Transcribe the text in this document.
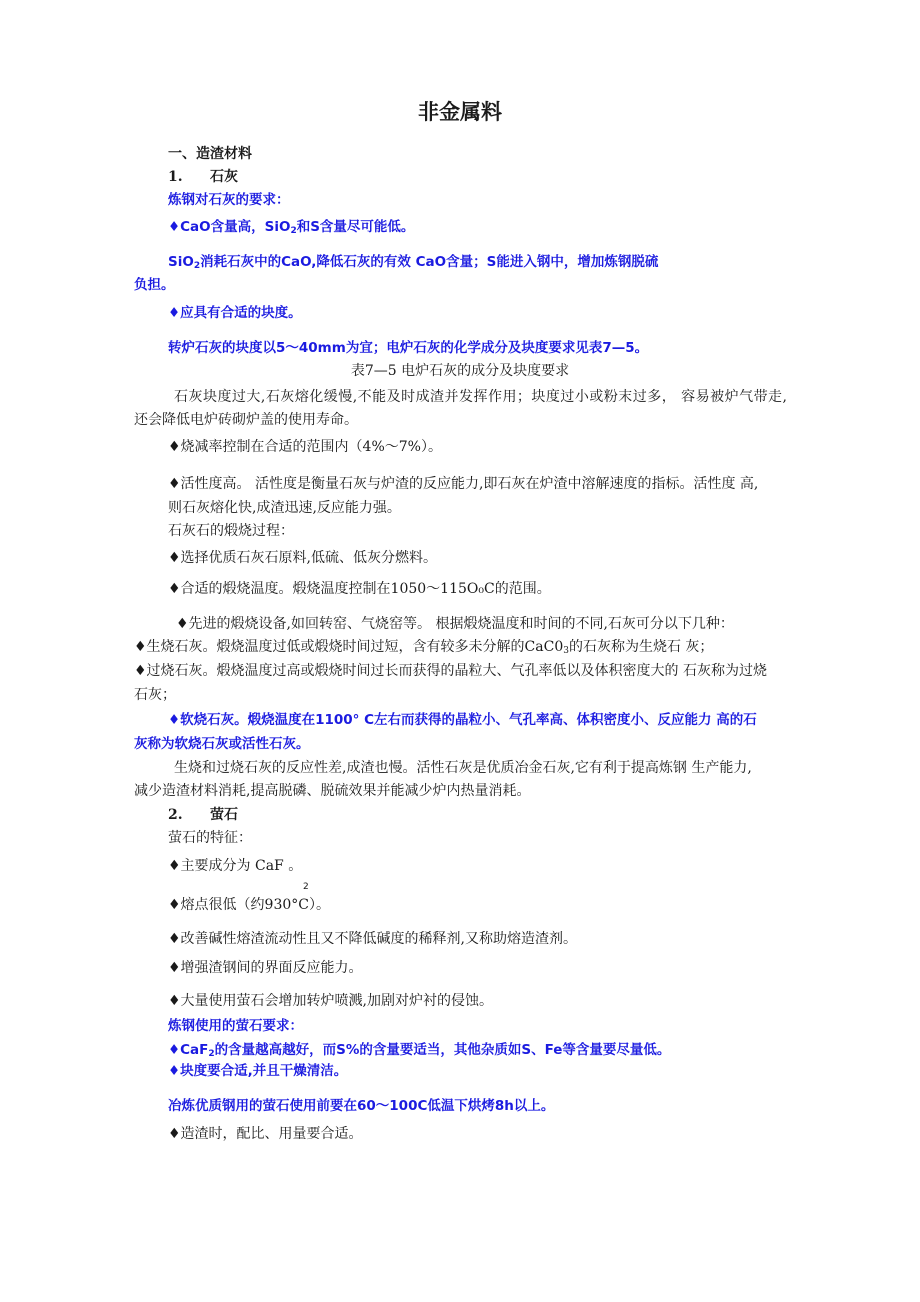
非金属料
一、造渣材料
1. 石灰
炼钢对石灰的要求：
♦CaO含量高，SiO$_2$和S含量尽可能低。
SiO$_2$消耗石灰中的CaO,降低石灰的有效 CaO含量；S能进入钢中，增加炼钢脱硫
负担。
♦应具有合适的块度。
转炉石灰的块度以5〜40mm为宜；电炉石灰的化学成分及块度要求见表7—5。
表7—5 电炉石灰的成分及块度要求
石灰块度过大,石灰熔化缓慢,不能及时成渣并发挥作用；块度过小或粉末过多， 容易被炉气带走,
还会降低电炉砖砌炉盖的使用寿命。
♦烧减率控制在合适的范围内（4%〜7%）。
♦活性度高。 活性度是衡量石灰与炉渣的反应能力,即石灰在炉渣中溶解速度的指标。活性度 高,
则石灰熔化快,成渣迅速,反应能力强。
石灰石的煅烧过程：
♦选择优质石灰石原料,低硫、低灰分燃料。
♦合适的煅烧温度。煅烧温度控制在1050〜115O₀C的范围。
♦先进的煅烧设备,如回转窑、气烧窑等。 根据煅烧温度和时间的不同,石灰可分以下几种：
♦生烧石灰。煅烧温度过低或煅烧时间过短，含有较多未分解的$CaC0_3$的石灰称为生烧石 灰；
♦过烧石灰。煅烧温度过高或煅烧时间过长而获得的晶粒大、气孔率低以及体积密度大的 石灰称为过烧
石灰；
♦软烧石灰。煅烧温度在1100° C左右而获得的晶粒小、气孔率高、体积密度小、反应能力 高的石
灰称为软烧石灰或活性石灰。
生烧和过烧石灰的反应性差,成渣也慢。活性石灰是优质冶金石灰,它有利于提高炼钢 生产能力,
减少造渣材料消耗,提高脱磷、脱硫效果并能减少炉内热量消耗。
2. 萤石
萤石的特征：
♦主要成分为 CaF 。
2
♦熔点很低（约930°C）。
♦改善碱性熔渣流动性且又不降低碱度的稀释剂,又称助熔造渣剂。
♦增强渣钢间的界面反应能力。
♦大量使用萤石会增加转炉喷溅,加剧对炉衬的侵蚀。
炼钢使用的萤石要求：
♦CaF$_2$的含量越高越好，而S%的含量要适当，其他杂质如S、Fe等含量要尽量低。
♦块度要合适,并且干燥清洁。
冶炼优质钢用的萤石使用前要在60〜100C低温下烘烤8h以上。
♦造渣时，配比、用量要合适。
